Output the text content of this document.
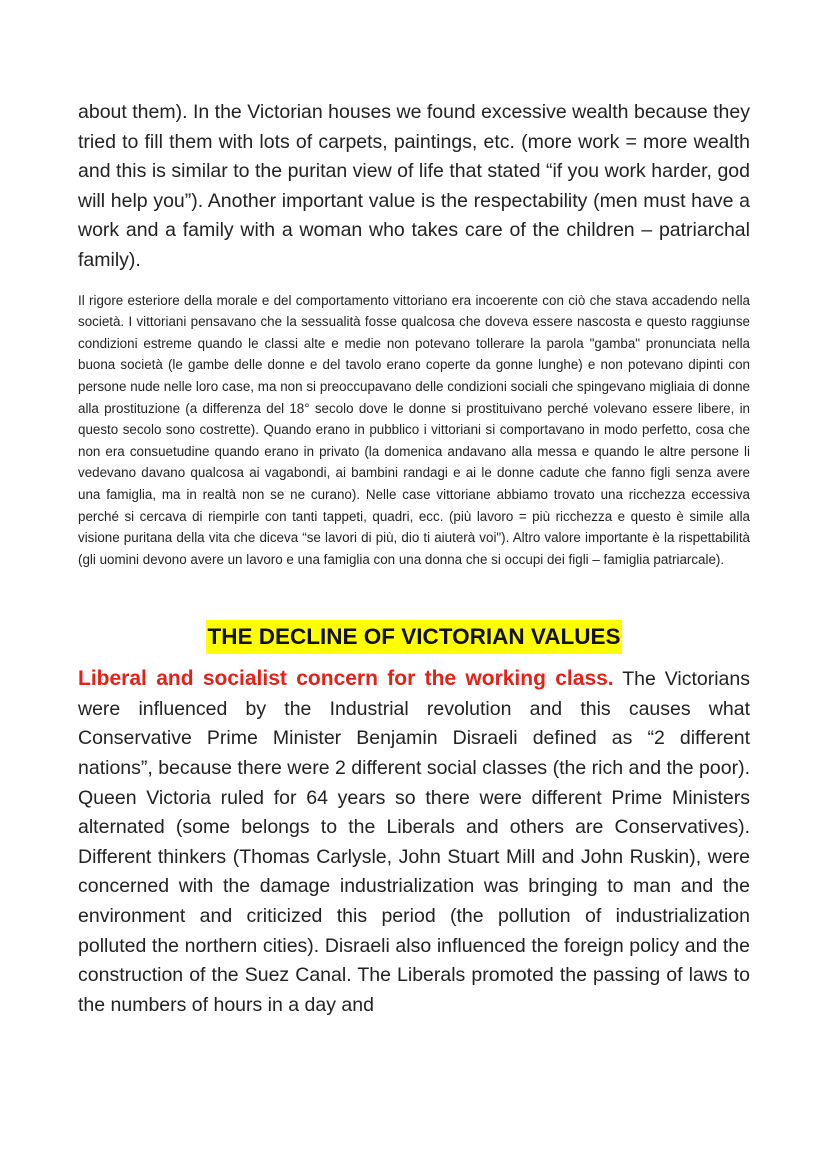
about them). In the Victorian houses we found excessive wealth because they tried to fill them with lots of carpets, paintings, etc. (more work = more wealth and this is similar to the puritan view of life that stated “if you work harder, god will help you”). Another important value is the respectability (men must have a work and a family with a woman who takes care of the children – patriarchal family).

Il rigore esteriore della morale e del comportamento vittoriano era incoerente con ciò che stava accadendo nella società. I vittoriani pensavano che la sessualità fosse qualcosa che doveva essere nascosta e questo raggiunse condizioni estreme quando le classi alte e medie non potevano tollerare la parola "gamba" pronunciata nella buona società (le gambe delle donne e del tavolo erano coperte da gonne lunghe) e non potevano dipinti con persone nude nelle loro case, ma non si preoccupavano delle condizioni sociali che spingevano migliaia di donne alla prostituzione (a differenza del 18° secolo dove le donne si prostituivano perché volevano essere libere, in questo secolo sono costrette). Quando erano in pubblico i vittoriani si comportavano in modo perfetto, cosa che non era consuetudine quando erano in privato (la domenica andavano alla messa e quando le altre persone li vedevano davano qualcosa ai vagabondi, ai bambini randagi e ai le donne cadute che fanno figli senza avere una famiglia, ma in realtà non se ne curano). Nelle case vittoriane abbiamo trovato una ricchezza eccessiva perché si cercava di riempirle con tanti tappeti, quadri, ecc. (più lavoro = più ricchezza e questo è simile alla visione puritana della vita che diceva “se lavori di più, dio ti aiuterà voi"). Altro valore importante è la rispettabilità (gli uomini devono avere un lavoro e una famiglia con una donna che si occupi dei figli – famiglia patriarcale).

THE DECLINE OF VICTORIAN VALUES

Liberal and socialist concern for the working class. The Victorians were influenced by the Industrial revolution and this causes what Conservative Prime Minister Benjamin Disraeli defined as “2 different nations”, because there were 2 different social classes (the rich and the poor). Queen Victoria ruled for 64 years so there were different Prime Ministers alternated (some belongs to the Liberals and others are Conservatives). Different thinkers (Thomas Carlysle, John Stuart Mill and John Ruskin), were concerned with the damage industrialization was bringing to man and the environment and criticized this period (the pollution of industrialization polluted the northern cities). Disraeli also influenced the foreign policy and the construction of the Suez Canal. The Liberals promoted the passing of laws to the numbers of hours in a day and
